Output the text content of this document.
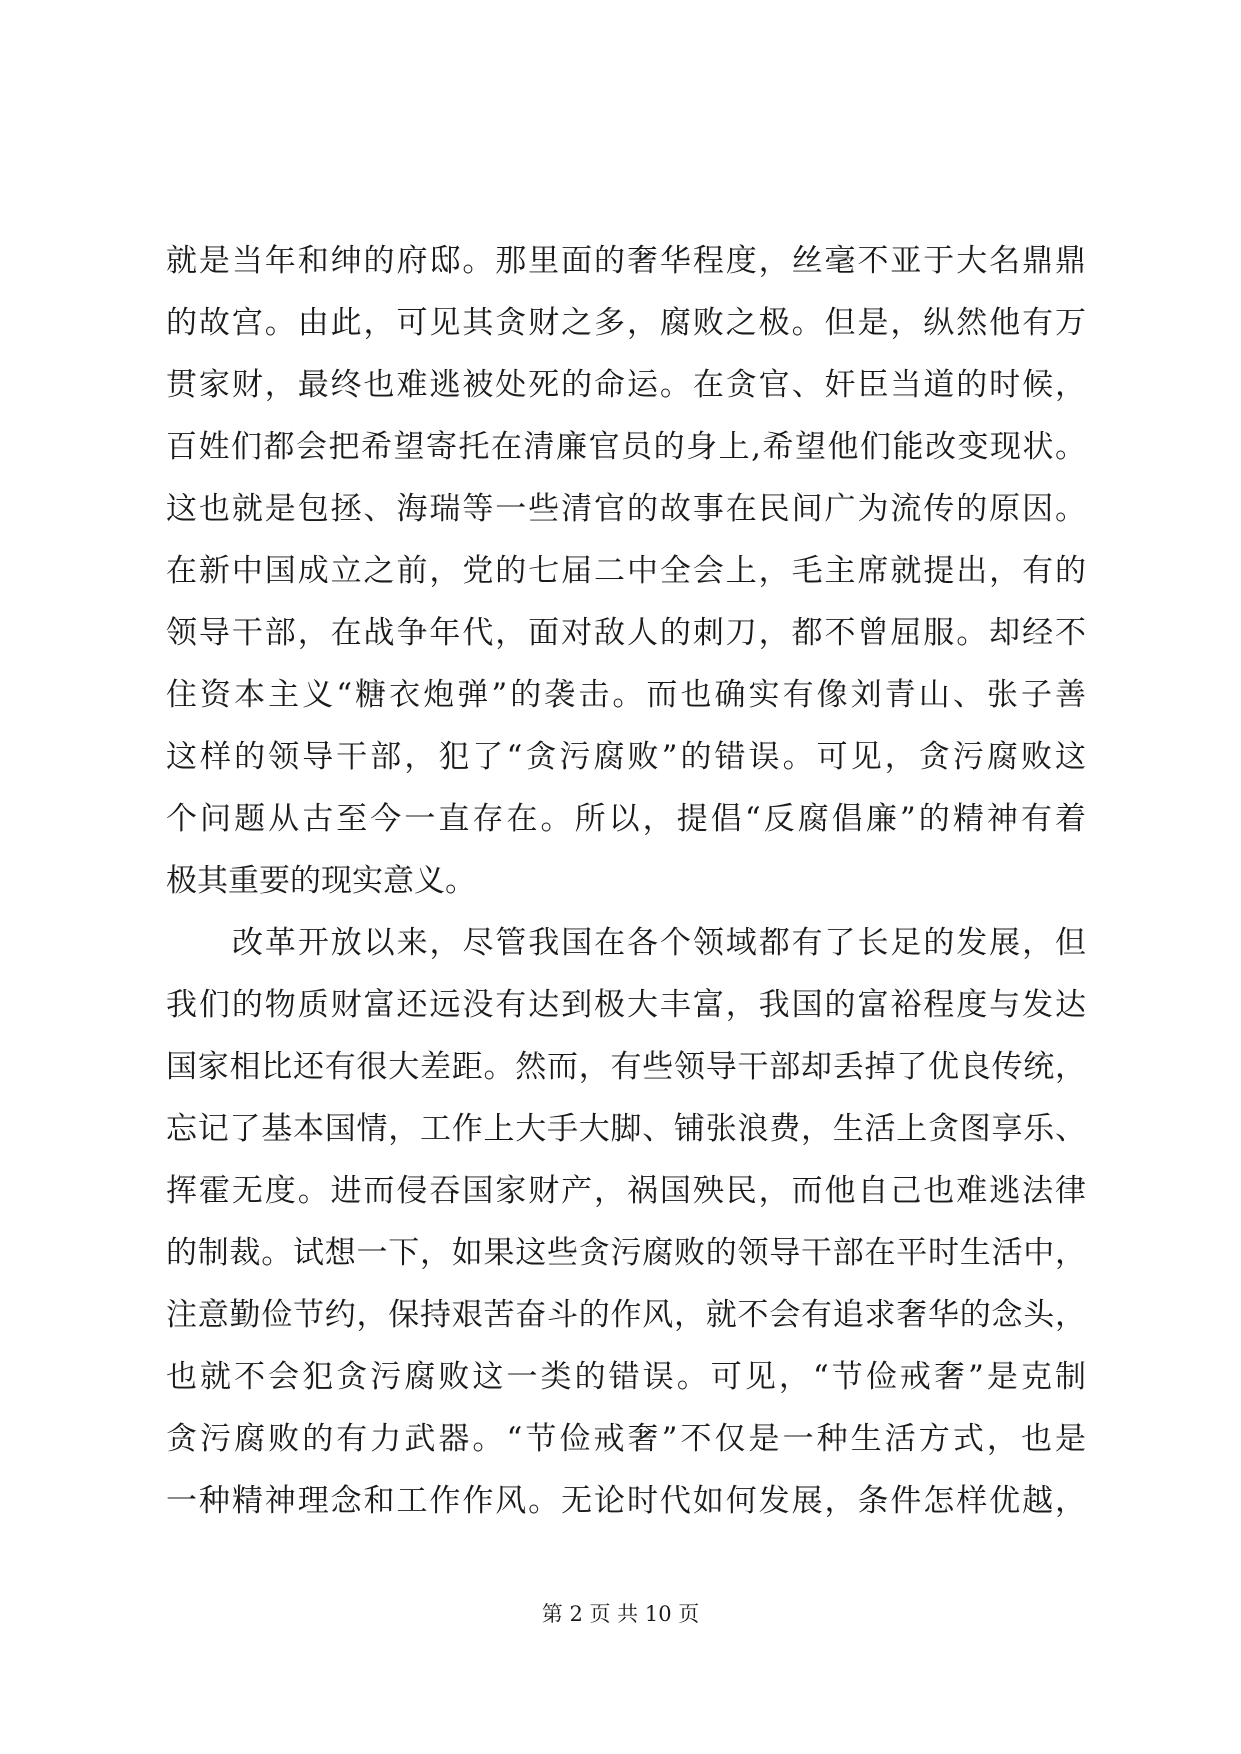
就是当年和绅的府邸。那里面的奢华程度，丝毫不亚于大名鼎鼎
的故宫。由此，可见其贪财之多，腐败之极。但是，纵然他有万
贯家财，最终也难逃被处死的命运。在贪官、奸臣当道的时候，
百姓们都会把希望寄托在清廉官员的身上,希望他们能改变现状。
这也就是包拯、海瑞等一些清官的故事在民间广为流传的原因。
在新中国成立之前，党的七届二中全会上，毛主席就提出，有的
领导干部，在战争年代，面对敌人的刺刀，都不曾屈服。却经不
住资本主义“糖衣炮弹”的袭击。而也确实有像刘青山、张子善
这样的领导干部，犯了“贪污腐败”的错误。可见，贪污腐败这
个问题从古至今一直存在。所以，提倡“反腐倡廉”的精神有着
极其重要的现实意义。
改革开放以来，尽管我国在各个领域都有了长足的发展，但
我们的物质财富还远没有达到极大丰富，我国的富裕程度与发达
国家相比还有很大差距。然而，有些领导干部却丢掉了优良传统，
忘记了基本国情，工作上大手大脚、铺张浪费，生活上贪图享乐、
挥霍无度。进而侵吞国家财产，祸国殃民，而他自己也难逃法律
的制裁。试想一下，如果这些贪污腐败的领导干部在平时生活中，
注意勤俭节约，保持艰苦奋斗的作风，就不会有追求奢华的念头，
也就不会犯贪污腐败这一类的错误。可见，“节俭戒奢”是克制
贪污腐败的有力武器。“节俭戒奢”不仅是一种生活方式，也是
一种精神理念和工作作风。无论时代如何发展，条件怎样优越，
第 2 页 共 10 页
